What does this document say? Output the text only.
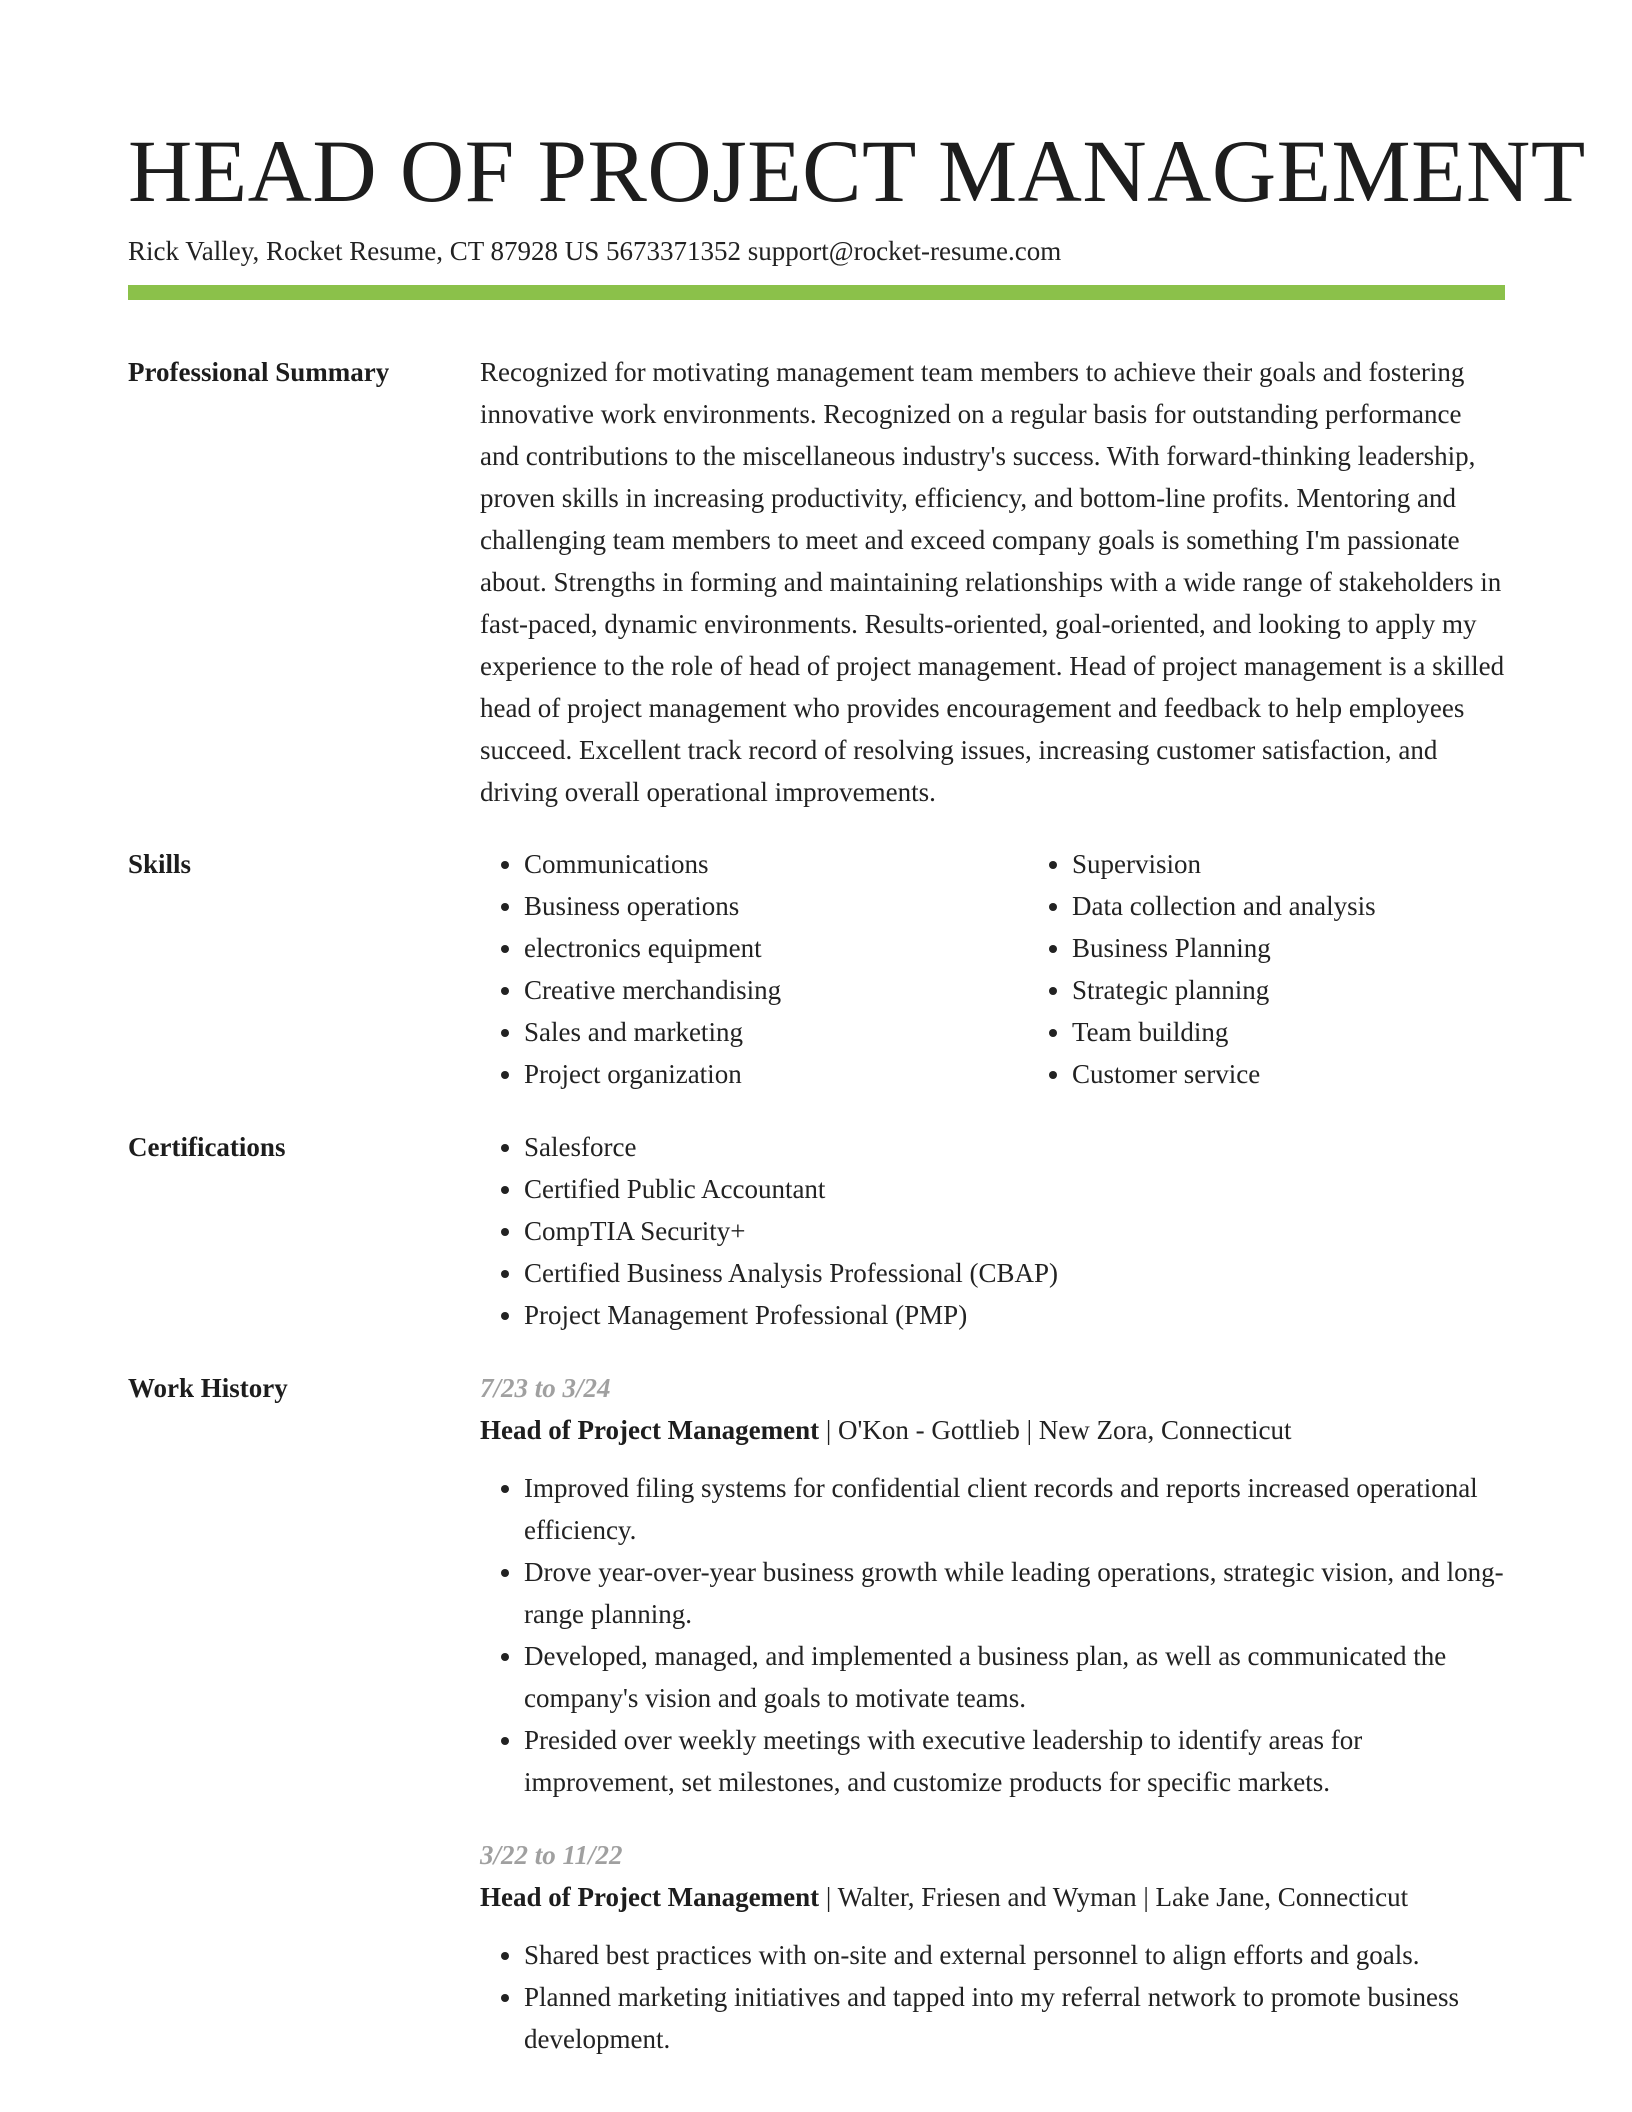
HEAD OF PROJECT MANAGEMENT
Rick Valley, Rocket Resume, CT 87928 US 5673371352 support@rocket-resume.com
Professional Summary	Recognized for motivating management team members to achieve their goals and fostering innovative work environments. Recognized on a regular basis for outstanding performance and contributions to the miscellaneous industry's success. With forward-thinking leadership, proven skills in increasing productivity, efficiency, and bottom-line profits. Mentoring and challenging team members to meet and exceed company goals is something I'm passionate about. Strengths in forming and maintaining relationships with a wide range of stakeholders in fast-paced, dynamic environments. Results-oriented, goal-oriented, and looking to apply my experience to the role of head of project management. Head of project management is a skilled head of project management who provides encouragement and feedback to help employees succeed. Excellent track record of resolving issues, increasing customer satisfaction, and driving overall operational improvements.

Skills	• Communications
• Business operations
• electronics equipment
• Creative merchandising
• Sales and marketing
• Project organization
• Supervision
• Data collection and analysis
• Business Planning
• Strategic planning
• Team building
• Customer service
Certifications	• Salesforce
• Certified Public Accountant
• CompTIA Security+
• Certified Business Analysis Professional (CBAP)
• Project Management Professional (PMP)
Work History	7/23 to 3/24
Head of Project Management | O'Kon - Gottlieb | New Zora, Connecticut
• Improved filing systems for confidential client records and reports increased operational efficiency.
• Drove year-over-year business growth while leading operations, strategic vision, and long-range planning.
• Developed, managed, and implemented a business plan, as well as communicated the company's vision and goals to motivate teams.
• Presided over weekly meetings with executive leadership to identify areas for improvement, set milestones, and customize products for specific markets.
3/22 to 11/22
Head of Project Management | Walter, Friesen and Wyman | Lake Jane, Connecticut
• Shared best practices with on-site and external personnel to align efforts and goals.
• Planned marketing initiatives and tapped into my referral network to promote business development.
